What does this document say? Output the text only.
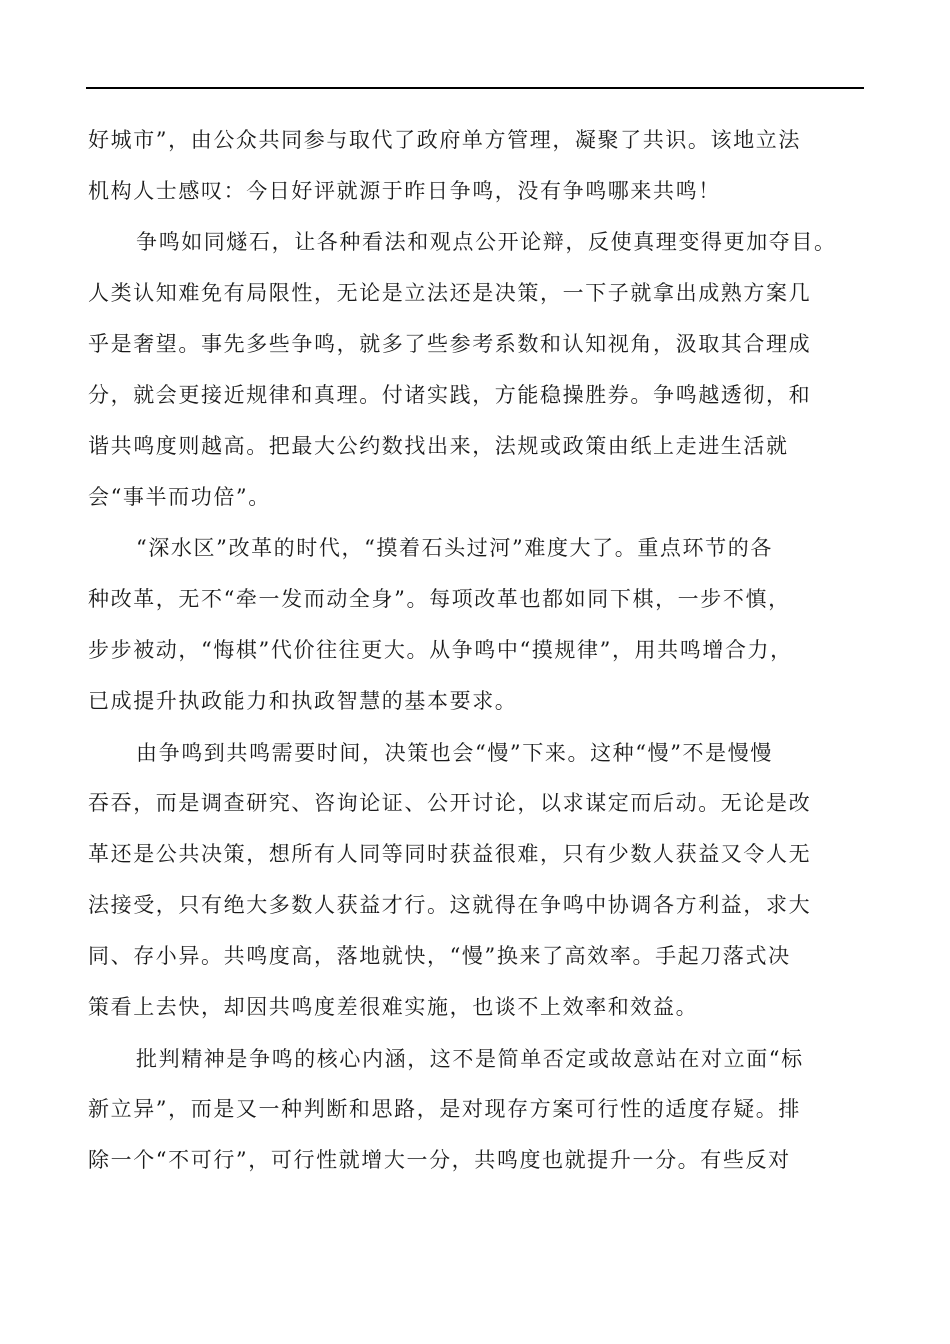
好城市”，由公众共同参与取代了政府单方管理，凝聚了共识。该地立法
机构人士感叹：今日好评就源于昨日争鸣，没有争鸣哪来共鸣！
争鸣如同燧石，让各种看法和观点公开论辩，反使真理变得更加夺目。
人类认知难免有局限性，无论是立法还是决策，一下子就拿出成熟方案几
乎是奢望。事先多些争鸣，就多了些参考系数和认知视角，汲取其合理成
分，就会更接近规律和真理。付诸实践，方能稳操胜券。争鸣越透彻，和
谐共鸣度则越高。把最大公约数找出来，法规或政策由纸上走进生活就
会“事半而功倍”。
“深水区”改革的时代，“摸着石头过河”难度大了。重点环节的各
种改革，无不“牵一发而动全身”。每项改革也都如同下棋，一步不慎，
步步被动，“悔棋”代价往往更大。从争鸣中“摸规律”，用共鸣增合力，
已成提升执政能力和执政智慧的基本要求。
由争鸣到共鸣需要时间，决策也会“慢”下来。这种“慢”不是慢慢
吞吞，而是调查研究、咨询论证、公开讨论，以求谋定而后动。无论是改
革还是公共决策，想所有人同等同时获益很难，只有少数人获益又令人无
法接受，只有绝大多数人获益才行。这就得在争鸣中协调各方利益，求大
同、存小异。共鸣度高，落地就快，“慢”换来了高效率。手起刀落式决
策看上去快，却因共鸣度差很难实施，也谈不上效率和效益。
批判精神是争鸣的核心内涵，这不是简单否定或故意站在对立面“标
新立异”，而是又一种判断和思路，是对现存方案可行性的适度存疑。排
除一个“不可行”，可行性就增大一分，共鸣度也就提升一分。有些反对
